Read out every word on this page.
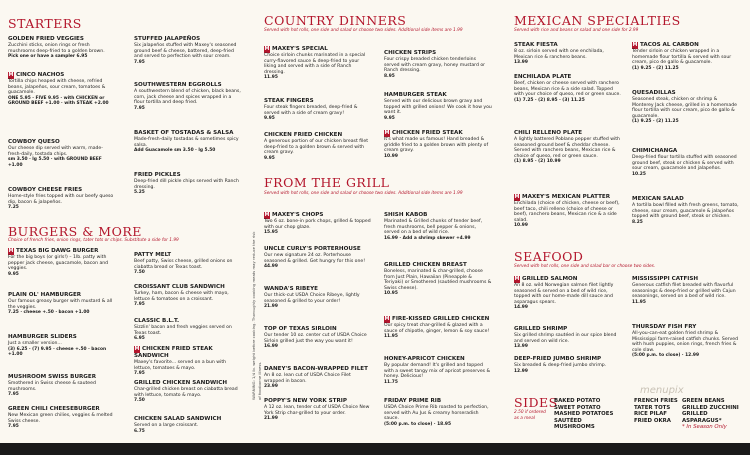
STARTERS
GOLDEN FRIED VEGGIES
Zucchini sticks, onion rings or fresh mushrooms deep-fried to a golden brown.
Pick one or have a sampler 6.95
M CINCO NACHOS
Tortilla chips heaped with cheese, refried beans, jalapeños, sour cream, tomatoes & guacamole.
ONE 5.95 · FIVE 9.95 · with CHICKEN or GROUND BEEF +1.00 · with STEAK +2.00
COWBOY QUESO
Our cheese dip served with warm, made-fresh-daily, tostada chips.
sm 3.50 · lg 5.50 · with GROUND BEEF +1.00
COWBOY CHEESE FRIES
Home-style fries topped with our beefy queso dip, bacon & jalapeños.
7.25
STUFFED JALAPEÑOS
Six jalapeños stuffed with Maxey's seasoned ground beef & cheese, battered, deep-fried and served to perfection with sour cream.
7.95
SOUTHWESTERN EGGROLLS
A southwestern blend of chicken, black beans, corn, jack cheese and spices wrapped in a flour tortilla and deep fried.
7.95
BASKET OF TOSTADAS & SALSA
Made-fresh-daily tostadas & sometimes spicy salsa.
Add Guacamole sm 3.50 · lg 5.50
FRIED PICKLES
Deep-fried dill pickle chips served with Ranch dressing.
5.25
BURGERS & MORE
Choice of french fries, onion rings, tater tots or chips. Substitute a side for 1.99
M TEXAS BIG DAWG BURGER
For the big boys (or girls!) – 1lb. patty with pepper jack cheese, guacamole, bacon and veggies.
9.95
PLAIN OL' HAMBURGER
Our famous greasy burger with mustard & all the veggies.
7.25 · cheese +.50 · bacon +1.00
HAMBURGER SLIDERS
Just a smaller version...
(3) 6.25 · (7) 9.95 · cheese +.50 · bacon +1.00
MUSHROOM SWISS BURGER
Smothered in Swiss cheese & sauteed mushrooms.
7.95
GREEN CHILI CHEESEBURGER
New Mexican green chilies, veggies & melted Swiss cheese.
7.95
PATTY MELT
Beef patty, Swiss cheese, grilled onions on ciabatta bread or Texas toast.
7.50
CROISSANT CLUB SANDWICH
Turkey, ham, bacon & cheese with mayo, lettuce & tomatoes on a croissant.
7.95
CLASSIC B.L.T.
Sizzlin' bacon and fresh veggies served on Texas toast.
6.95
M CHICKEN FRIED STEAK SANDWICH
Maxey's favorite... served on a bun with lettuce, tomatoes & mayo.
7.95
GRILLED CHICKEN SANDWICH
Char-grilled chicken breast on ciabatta bread with lettuce, tomato & mayo.
7.50
CHICKEN SALAD SANDWICH
Served on a large croissant.
6.75
COUNTRY DINNERS
Served with hot rolls, one side and salad or choose two sides. Additional side items are 1.99
M MAXEY'S SPECIAL
Choice sirloin chunks marinated in a special curry-flavored sauce & deep-fried to your liking and served with a side of Ranch dressing.
11.95
STEAK FINGERS
Four steak fingers breaded, deep-fried & served with a side of cream gravy!
9.95
CHICKEN FRIED CHICKEN
A generous portion of our chicken breast filet deep-fried to a golden brown & served with cream gravy.
9.95
CHICKEN STRIPS
Four crispy breaded chicken tenderloins served with cream gravy, honey mustard or Ranch dressing.
8.95
HAMBURGER STEAK
Served with our delicious brown gravy and topped with grilled onions! We cook it how you want it.
9.95
M CHICKEN FRIED STEAK
It's what made us famous! Hand breaded & griddle fried to a golden brown with plenty of cream gravy.
10.99
FROM THE GRILL
Served with hot rolls, one side and salad or choose two sides. Additional side items are 1.99
M MAXEY'S CHOPS
Two 6 oz. bone-in pork chops, grilled & topped with our chop glaze.
15.95
UNCLE CURLY'S PORTERHOUSE
Our new signature 24 oz. Porterhouse seasoned & grilled. Get hungry for this one!
44.99
WANDA'S RIBEYE
Our thick-cut USDA Choice Ribeye, lightly seasoned & grilled to your order!
21.99
TOP OF TEXAS SIRLOIN
Our tender 10 oz. center cut of USDA Choice Sirloin grilled just the way you want it!
16.99
DANEY'S BACON-WRAPPED FILET
An 8 oz. lean cut of USDA Choice Filet wrapped in bacon.
23.99
POPPY'S NEW YORK STRIP
A 12 oz. lean, tender cut of USDA Choice New York Strip char-grilled to your order.
21.99
SHISH KABOB
Marinated & Grilled chunks of tender beef, fresh mushrooms, bell pepper & onions, served on a bed of wild rice.
16.99 · Add a shrimp skewer +4.99
GRILLED CHICKEN BREAST
Boneless, marinated & char-grilled, choose from Just Plain, Hawaiian (Pineapple & Teriyaki) or Smothered (sautéed mushrooms & Swiss cheese).
10.95
M FIRE-KISSED GRILLED CHICKEN
Our spicy treat char-grilled & glazed with a sauce of chipotle, ginger, lemon & soy sauce!
11.95
HONEY-APRICOT CHICKEN
By popular demand! It's grilled and topped with a sweet tangy mix of apricot preserves & honey. Delicious!
11.75
FRIDAY PRIME RIB
USDA Choice Prime Rib roasted to perfection, served with Au Jus & creamy horseradish sauce.
(5:00 p.m. to close) · 18.95
WARNING: 1/4 lb. weight before cooking. Thoroughly cooking meats may reduce the risk of foodborne illness.
MEXICAN SPECIALTIES
Served with rice and beans or salad and one side for 2.99
STEAK FIESTA
8 oz. sirloin served with one enchilada, Mexican rice & ranchero beans.
13.99
ENCHILADA PLATE
Beef, chicken or cheese served with ranchero beans, Mexican rice & a side salad. Topped with your choice of queso, red or green sauce.
(1) 7.25 · (2) 8.95 · (3) 11.25
CHILI RELLENO PLATE
A lightly battered Poblano pepper stuffed with seasoned ground beef & cheddar cheese. Served with ranchero beans, Mexican rice & choice of queso, red or green sauce.
(1) 8.95 · (2) 10.99
M MAXEY'S MEXICAN PLATTER
Enchilada (choice of chicken, cheese or beef), beef taco, chili relleno (choice of cheese or beef), ranchero beans, Mexican rice & a side salad.
10.99
M TACOS AL CARBON
Tender sirloin or chicken wrapped in a homemade flour tortilla & served with sour cream, pico de gallo & guacamole.
(1) 9.25 · (2) 11.25
QUESADILLAS
Seasoned steak, chicken or shrimp & Monterey Jack cheese, grilled in a homemade flour tortilla with sour cream, pico de gallo & guacamole.
(1) 9.25 · (2) 11.25
CHIMICHANGA
Deep-fried flour tortilla stuffed with seasoned ground beef, steak or chicken & served with sour cream, guacamole and jalapeños.
10.25
MEXICAN SALAD
A tortilla bowl filled with fresh greens, tomato, cheese, sour cream, guacamole & jalapeños topped with ground beef, steak or chicken.
8.25
SEAFOOD
Served with hot rolls, one side and salad bar or choose two sides.
M GRILLED SALMON
An 8 oz. wild Norwegian salmon filet lightly seasoned & served on a bed of wild rice, topped with our home-made dill sauce and asparagus spears.
14.99
GRILLED SHRIMP
Six grilled shrimp sautéed in our spice blend and served on wild rice.
13.99
DEEP-FRIED JUMBO SHRIMP
Six breaded & deep-fried jumbo shrimp.
12.99
MISSISSIPPI CATFISH
Generous catfish filet breaded with flavorful seasonings & deep-fried or grilled with Cajun seasonings, served on a bed of wild rice.
11.95
THURSDAY FISH FRY
All-you-can-eat golden fried shrimp & Mississippi farm-raised catfish chunks. Served with hush puppies, onion rings, french fries & cole slaw.
(5:00 p.m. to close) · 12.99
SIDES
2.50 if ordered as a meal
BAKED POTATO
SWEET POTATO
MASHED POTATOES
SAUTÉED MUSHROOMS
FRENCH FRIES
TATER TOTS
RICE PILAF
FRIED OKRA
GREEN BEANS
GRILLED ZUCCHINI
GRILLED ASPARAGUS*
* In Season Only
menupix
